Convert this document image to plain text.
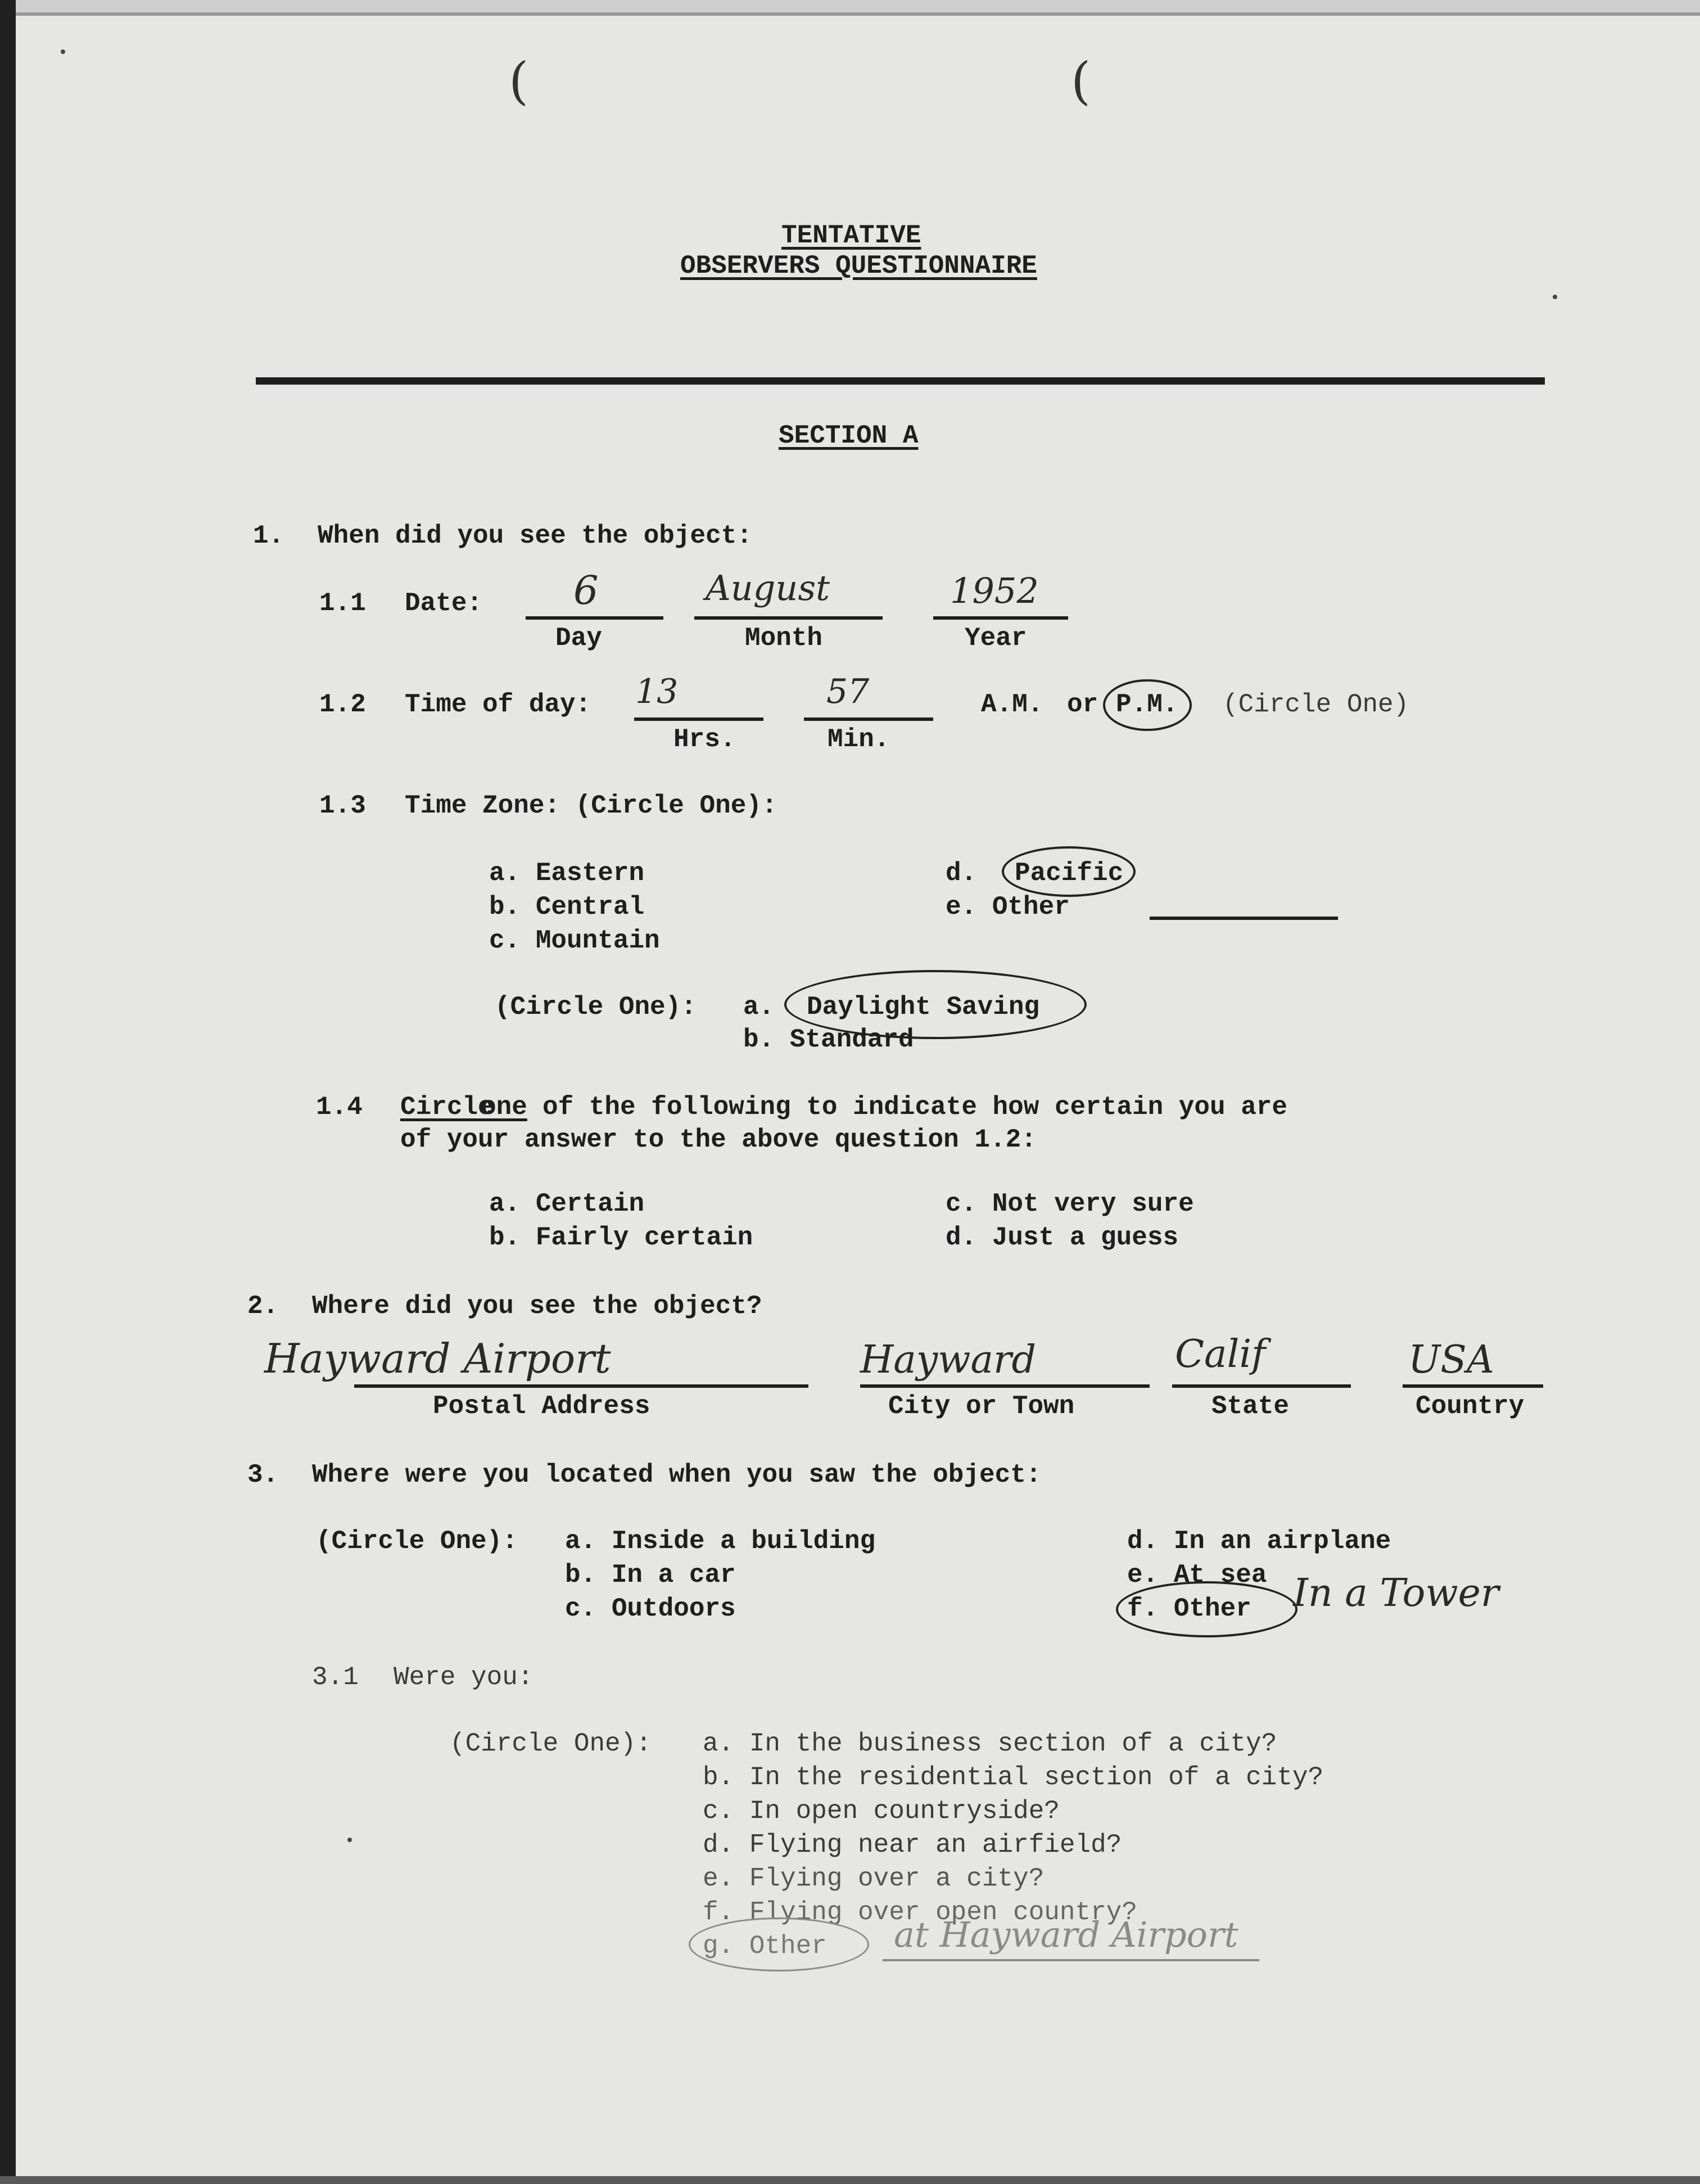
(	(
TENTATIVE
OBSERVERS QUESTIONNAIRE
SECTION A
1. When did you see the object:
1.1 Date: 6	August	1952
Day	Month	Year
1.2 Time of day: 13	57
Hrs.	Min.
A.M. or P.M. (Circle One)
1.3 Time Zone: (Circle One):
a. Eastern
b. Central
c. Mountain
d. Pacific
e. Other
(Circle One): a. Daylight Saving
b. Standard
1.4 Circle
one of the following to indicate how certain you are
of your answer to the above question 1.2:
a. Certain
b. Fairly certain
c. Not very sure
d. Just a guess
2. Where did you see the object?
Hayward Airport	Hayward	Calif	USA
Postal Address	City or Town	State	Country
3. Where were you located when you saw the object:
(Circle One): a. Inside a building
b. In a car
c. Outdoors
d. In an airplane
e. At sea
f. Other In a Tower
3.1 Were you:
(Circle One): a. In the business section of a city?
b. In the residential section of a city?
c. In open countryside?
d. Flying near an airfield?
e. Flying over a city?
f. Flying over open country?
g. Other at Hayward Airport
